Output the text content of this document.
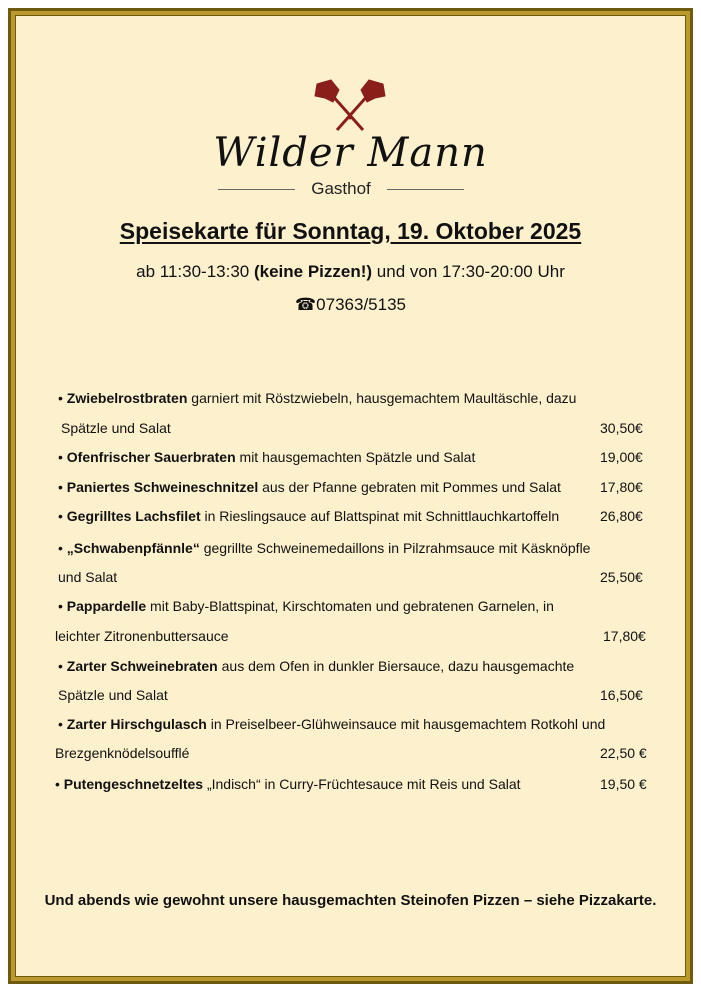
Wilder Mann
Gasthof
Speisekarte für Sonntag, 19. Oktober 2025
ab 11:30-13:30 (keine Pizzen!) und von 17:30-20:00 Uhr
☎07363/5135
• Zwiebelrostbraten garniert mit Röstzwiebeln, hausgemachtem Maultäschle, dazu
Spätzle und Salat	30,50€
• Ofenfrischer Sauerbraten mit hausgemachten Spätzle und Salat	19,00€
• Paniertes Schweineschnitzel aus der Pfanne gebraten mit Pommes und Salat	17,80€
• Gegrilltes Lachsfilet in Rieslingsauce auf Blattspinat mit Schnittlauchkartoffeln	26,80€
• „Schwabenpfännle“ gegrillte Schweinemedaillons in Pilzrahmsauce mit Käsknöpfle
und Salat	25,50€
• Pappardelle mit Baby-Blattspinat, Kirschtomaten und gebratenen Garnelen, in
leichter Zitronenbuttersauce	17,80€
• Zarter Schweinebraten aus dem Ofen in dunkler Biersauce, dazu hausgemachte
Spätzle und Salat	16,50€
• Zarter Hirschgulasch in Preiselbeer-Glühweinsauce mit hausgemachtem Rotkohl und
Brezgenknödelsoufflé	22,50 €
• Putengeschnetzeltes „Indisch“ in Curry-Früchtesauce mit Reis und Salat	19,50 €
Und abends wie gewohnt unsere hausgemachten Steinofen Pizzen – siehe Pizzakarte.
